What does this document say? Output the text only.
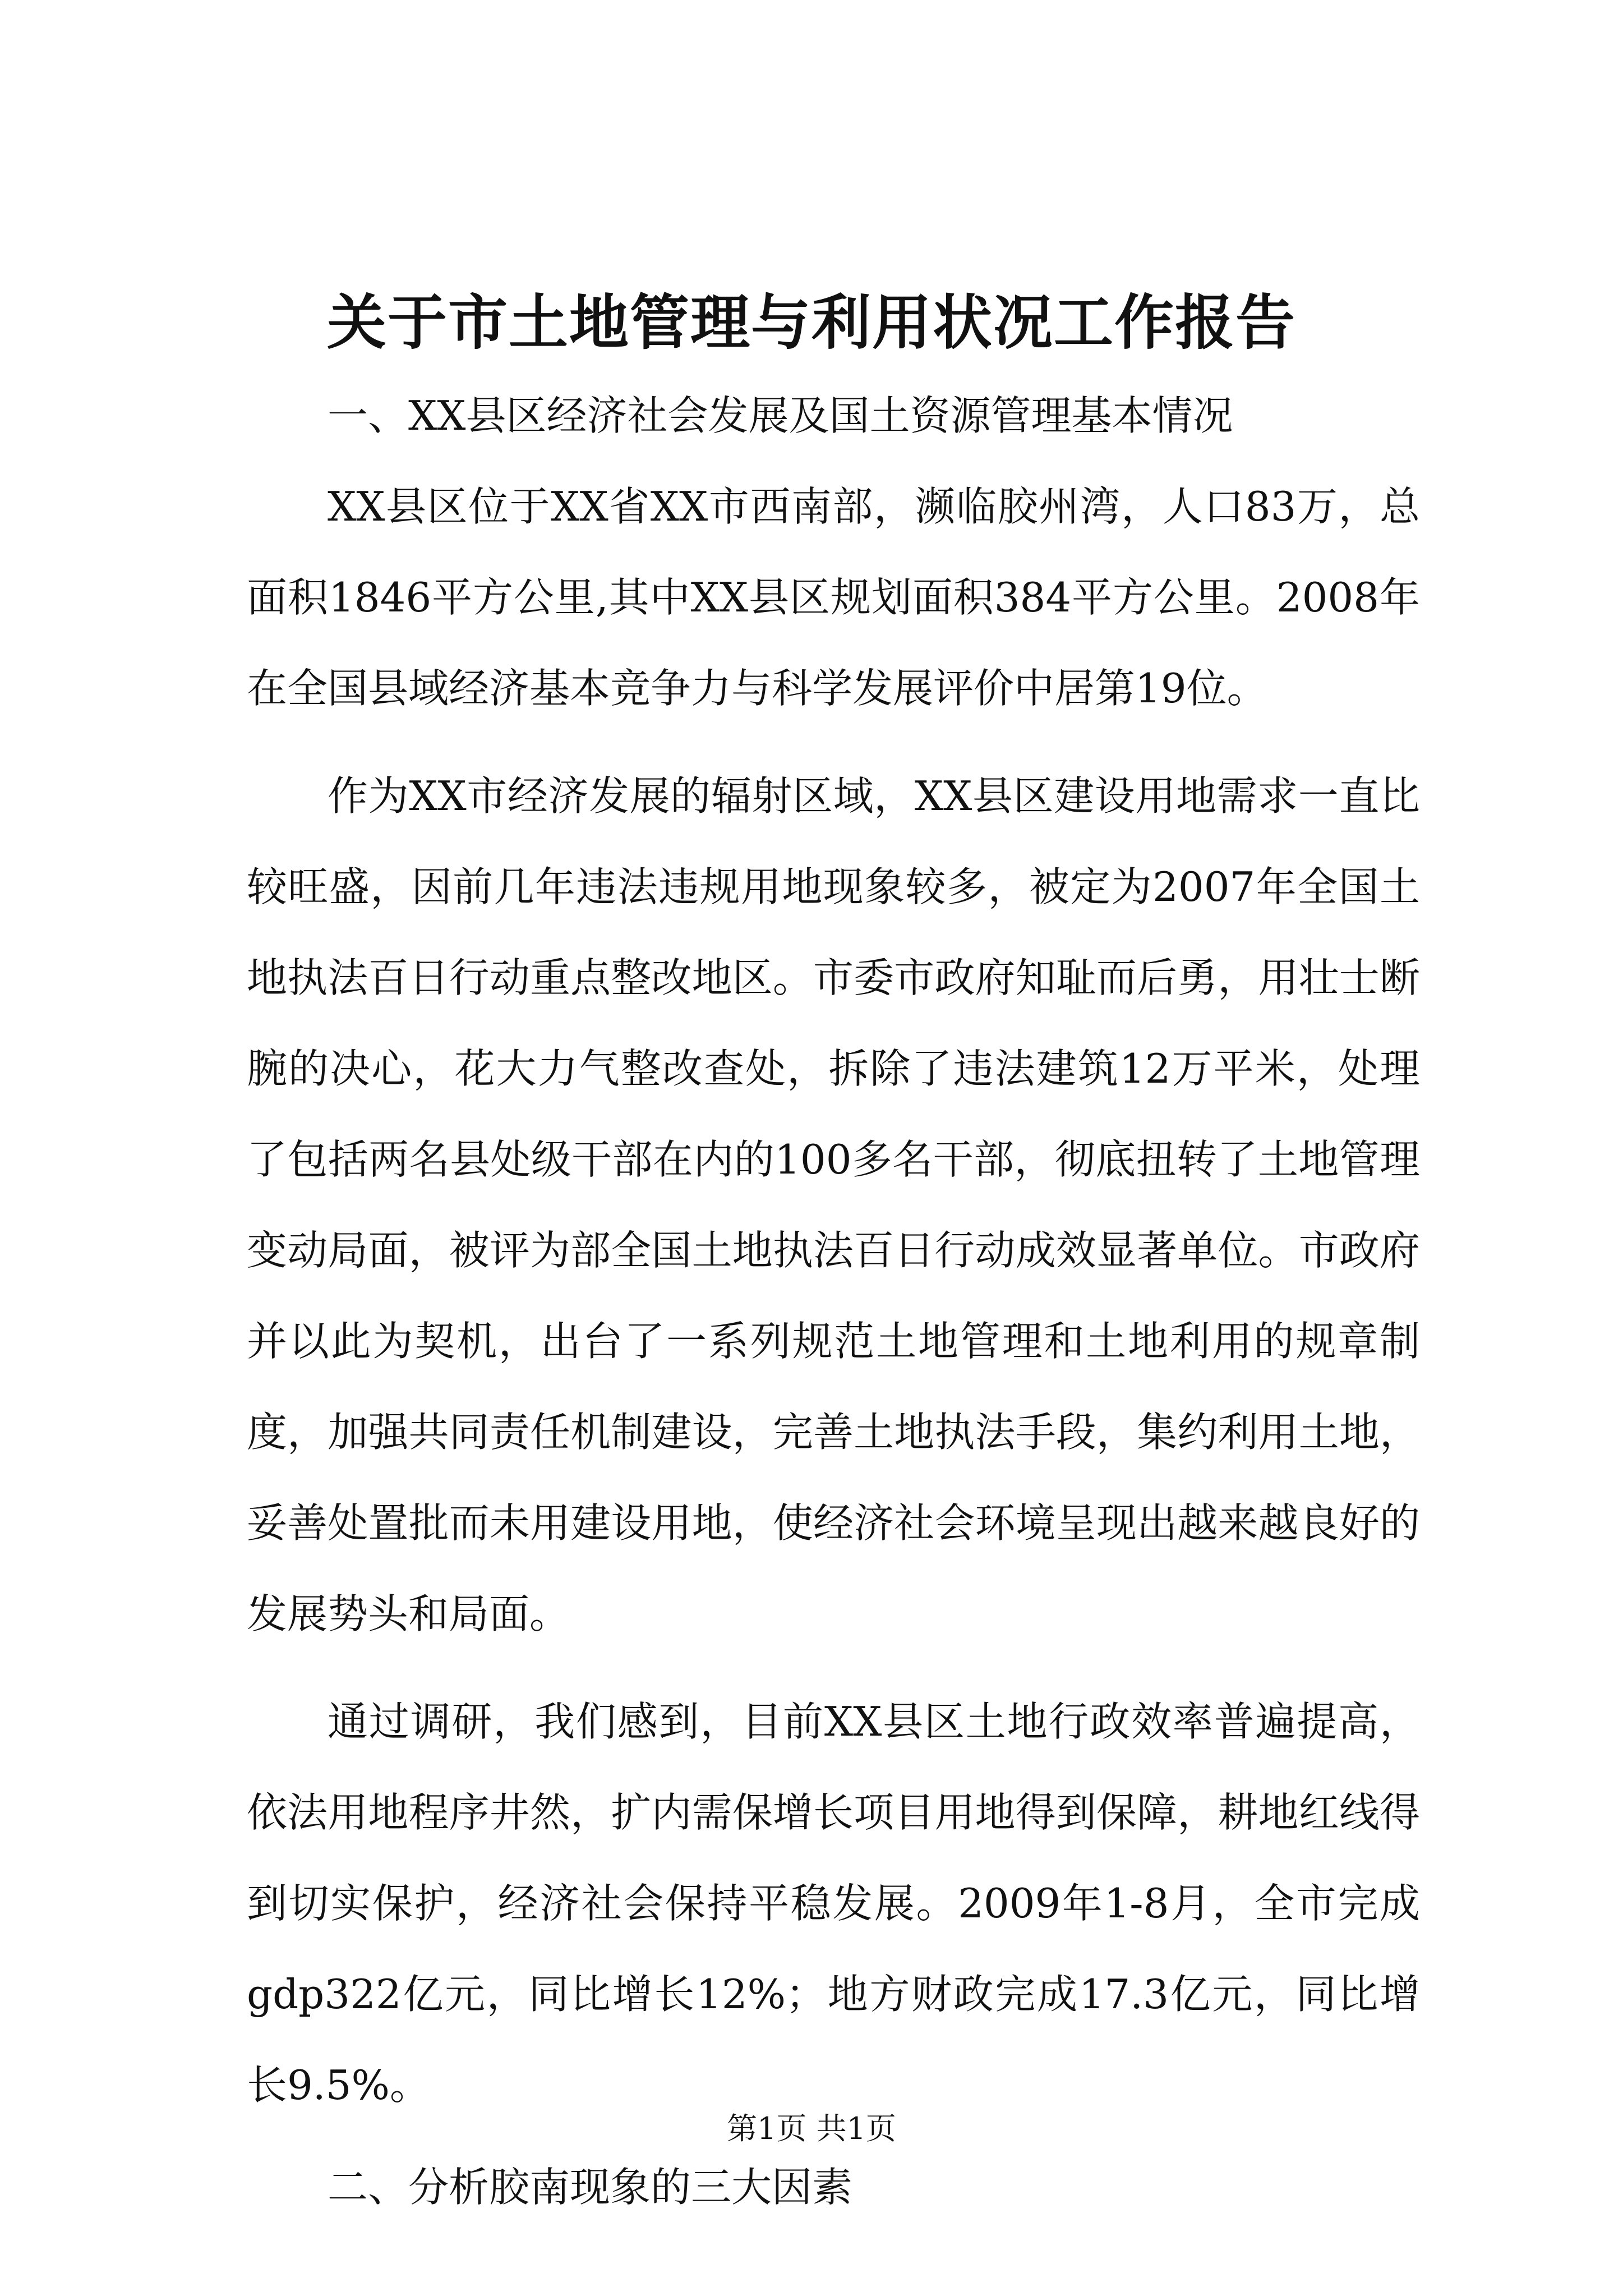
关于市土地管理与利用状况工作报告

一、XX县区经济社会发展及国土资源管理基本情况

XX县区位于XX省XX市西南部，濒临胶州湾，人口83万，总面积1846平方公里,其中XX县区规划面积384平方公里。2008年在全国县域经济基本竞争力与科学发展评价中居第19位。

作为XX市经济发展的辐射区域，XX县区建设用地需求一直比较旺盛，因前几年违法违规用地现象较多，被定为2007年全国土地执法百日行动重点整改地区。市委市政府知耻而后勇，用壮士断腕的决心，花大力气整改查处，拆除了违法建筑12万平米，处理了包括两名县处级干部在内的100多名干部，彻底扭转了土地管理变动局面，被评为部全国土地执法百日行动成效显著单位。市政府并以此为契机，出台了一系列规范土地管理和土地利用的规章制度，加强共同责任机制建设，完善土地执法手段，集约利用土地，妥善处置批而未用建设用地，使经济社会环境呈现出越来越良好的发展势头和局面。

通过调研，我们感到，目前XX县区土地行政效率普遍提高，依法用地程序井然，扩内需保增长项目用地得到保障，耕地红线得到切实保护，经济社会保持平稳发展。2009年1-8月，全市完成gdp322亿元，同比增长12%；地方财政完成17.3亿元，同比增长9.5%。

二、分析胶南现象的三大因素

第1页 共1页
